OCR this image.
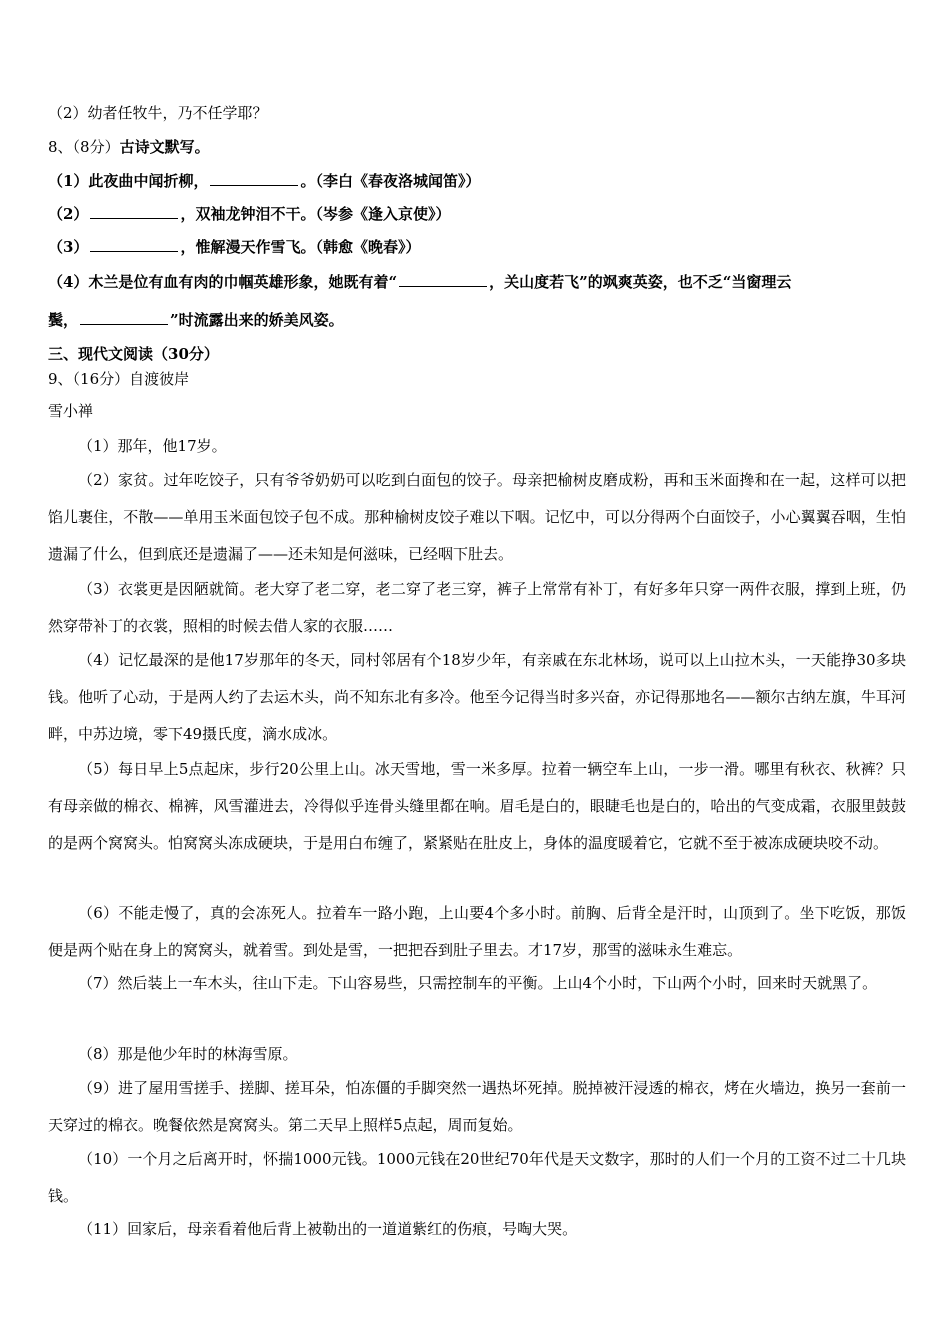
（2）幼者任牧牛，乃不任学耶？
8、（8分）古诗文默写。
（1）此夜曲中闻折柳，	。（李白《春夜洛城闻笛》）
（2）	，双袖龙钟泪不干。（岑参《逢入京使》）
（3）	，惟解漫天作雪飞。（韩愈《晚春》）
（4）木兰是位有血有肉的巾帼英雄形象，她既有着“	，关山度若飞”的飒爽英姿，也不乏“当窗理云
鬓，	”时流露出来的娇美风姿。
三、现代文阅读（30分）
9、（16分）自渡彼岸
雪小禅
（1）那年，他17岁。
（2）家贫。过年吃饺子，只有爷爷奶奶可以吃到白面包的饺子。母亲把榆树皮磨成粉，再和玉米面搀和在一起，这样可以把馅儿裹住，不散——单用玉米面包饺子包不成。那种榆树皮饺子难以下咽。记忆中，可以分得两个白面饺子，小心翼翼吞咽，生怕遗漏了什么，但到底还是遗漏了——还未知是何滋味，已经咽下肚去。
（3）衣裳更是因陋就简。老大穿了老二穿，老二穿了老三穿，裤子上常常有补丁，有好多年只穿一两件衣服，撑到上班，仍然穿带补丁的衣裳，照相的时候去借人家的衣服……
（4）记忆最深的是他17岁那年的冬天，同村邻居有个18岁少年，有亲戚在东北林场，说可以上山拉木头，一天能挣30多块钱。他听了心动，于是两人约了去运木头，尚不知东北有多冷。他至今记得当时多兴奋，亦记得那地名——额尔古纳左旗，牛耳河畔，中苏边境，零下49摄氏度，滴水成冰。
（5）每日早上5点起床，步行20公里上山。冰天雪地，雪一米多厚。拉着一辆空车上山，一步一滑。哪里有秋衣、秋裤？只有母亲做的棉衣、棉裤，风雪灌进去，冷得似乎连骨头缝里都在响。眉毛是白的，眼睫毛也是白的，哈出的气变成霜，衣服里鼓鼓的是两个窝窝头。怕窝窝头冻成硬块，于是用白布缠了，紧紧贴在肚皮上，身体的温度暖着它，它就不至于被冻成硬块咬不动。
（6）不能走慢了，真的会冻死人。拉着车一路小跑，上山要4个多小时。前胸、后背全是汗时，山顶到了。坐下吃饭，那饭便是两个贴在身上的窝窝头，就着雪。到处是雪，一把把吞到肚子里去。才17岁，那雪的滋味永生难忘。
（7）然后装上一车木头，往山下走。下山容易些，只需控制车的平衡。上山4个小时，下山两个小时，回来时天就黑了。
（8）那是他少年时的林海雪原。
（9）进了屋用雪搓手、搓脚、搓耳朵，怕冻僵的手脚突然一遇热坏死掉。脱掉被汗浸透的棉衣，烤在火墙边，换另一套前一天穿过的棉衣。晚餐依然是窝窝头。第二天早上照样5点起，周而复始。
（10）一个月之后离开时，怀揣1000元钱。1000元钱在20世纪70年代是天文数字，那时的人们一个月的工资不过二十几块钱。
（11）回家后，母亲看着他后背上被勒出的一道道紫红的伤痕，号啕大哭。
